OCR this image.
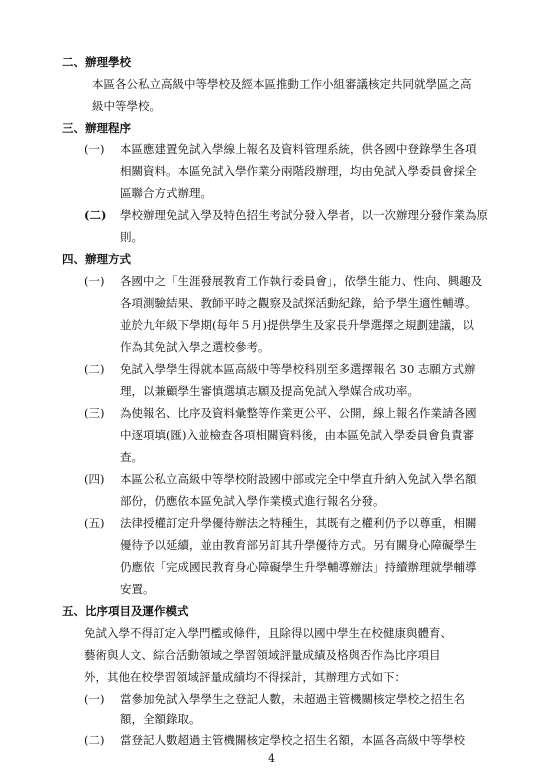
二、辦理學校
本區各公私立高級中等學校及經本區推動工作小組審議核定共同就學區之高
級中等學校。
三、辦理程序
(一) 本區應建置免試入學線上報名及資料管理系統，供各國中登錄學生各項
相關資料。本區免試入學作業分兩階段辦理，均由免試入學委員會採全
區聯合方式辦理。
(二) 學校辦理免試入學及特色招生考試分發入學者，以一次辦理分發作業為原
則。
四、辦理方式
(一) 各國中之「生涯發展教育工作執行委員會」，依學生能力、性向、興趣及
各項測驗結果、教師平時之觀察及試探活動紀錄，給予學生適性輔導。
並於九年級下學期(每年５月)提供學生及家長升學選擇之規劃建議，以
作為其免試入學之選校參考。
(二) 免試入學學生得就本區高級中等學校科別至多選擇報名 30 志願方式辦
理，以兼顧學生審慎選填志願及提高免試入學媒合成功率。
(三) 為使報名、比序及資料彙整等作業更公平、公開，線上報名作業請各國
中逐項填(匯)入並檢查各項相關資料後，由本區免試入學委員會負責審
查。
(四) 本區公私立高級中等學校附設國中部或完全中學直升納入免試入學名額
部份，仍應依本區免試入學作業模式進行報名分發。
(五) 法律授權訂定升學優待辦法之特種生，其既有之權利仍予以尊重，相關
優待予以延續，並由教育部另訂其升學優待方式。另有關身心障礙學生
仍應依「完成國民教育身心障礙學生升學輔導辦法」持續辦理就學輔導
安置。
五、比序項目及運作模式
免試入學不得訂定入學門檻或條件，且除得以國中學生在校健康與體育、
藝術與人文、綜合活動領域之學習領域評量成績及格與否作為比序項目
外，其他在校學習領域評量成績均不得採計，其辦理方式如下：
(一) 當參加免試入學學生之登記人數，未超過主管機關核定學校之招生名
額，全額錄取。
(二) 當登記人數超過主管機關核定學校之招生名額，本區各高級中等學校
4
